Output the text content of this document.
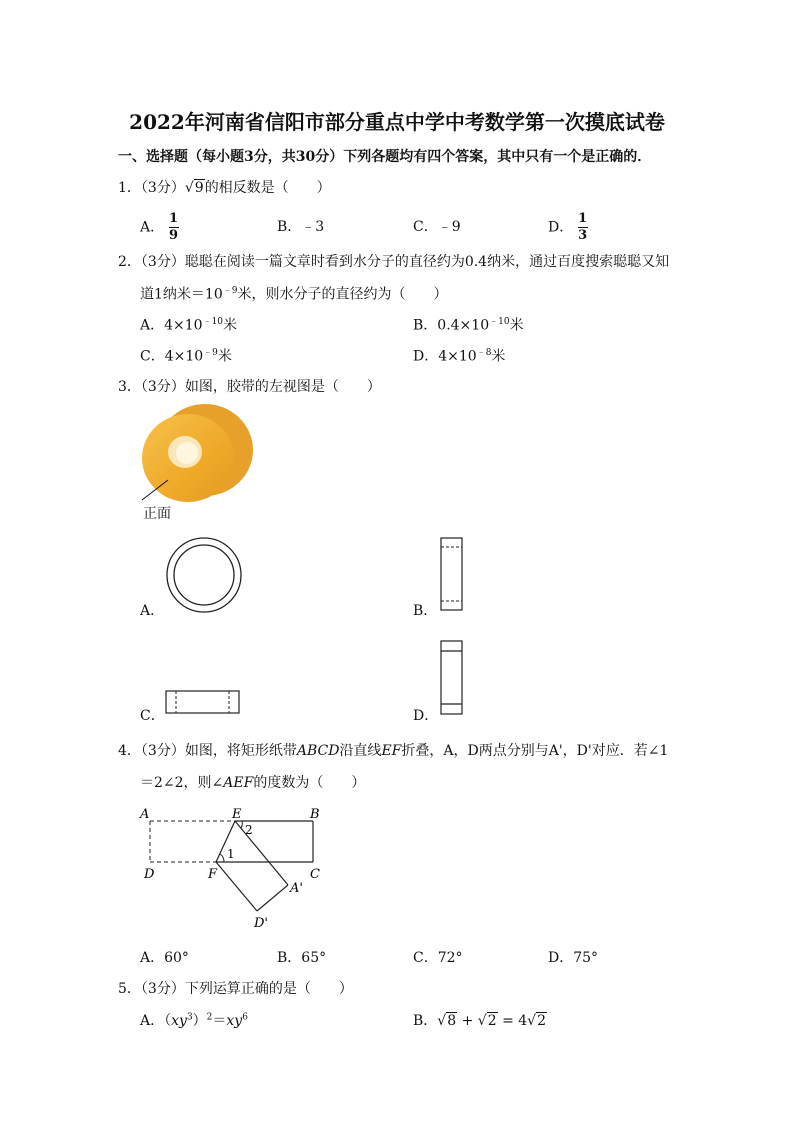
2022年河南省信阳市部分重点中学中考数学第一次摸底试卷
一、选择题（每小题3分，共30分）下列各题均有四个答案，其中只有一个是正确的．
1．（3分）√9的相反数是（　　）
A． $\frac{1}{9}$	B．﹣3	C．﹣9	D． $\frac{1}{3}$
2．（3分）聪聪在阅读一篇文章时看到水分子的直径约为0.4纳米，通过百度搜索聪聪又知
道1纳米$=10^{﹣9}$米，则水分子的直径约为（　　）
A．$4\times 10^{﹣10}$米	B．$0.4\times 10^{﹣10}$米
C．$4\times 10^{﹣9}$米	D．$4\times 10^{﹣8}$米
3．（3分）如图，胶带的左视图是（　　）
正面
A．	B．
C．	D．
4．（3分）如图，将矩形纸带ABCD沿直线EF折叠，A，D两点分别与A'，D'对应．若∠1
＝2∠2，则∠AEF的度数为（　　）
A	E	B
D	F	C
A'
D'
1
2
A．60°	B．65°	C．72°	D．75°
5．（3分）下列运算正确的是（　　）
A．$(xy^3)^2=xy^6$	B．√8 + √2 = 4√2
